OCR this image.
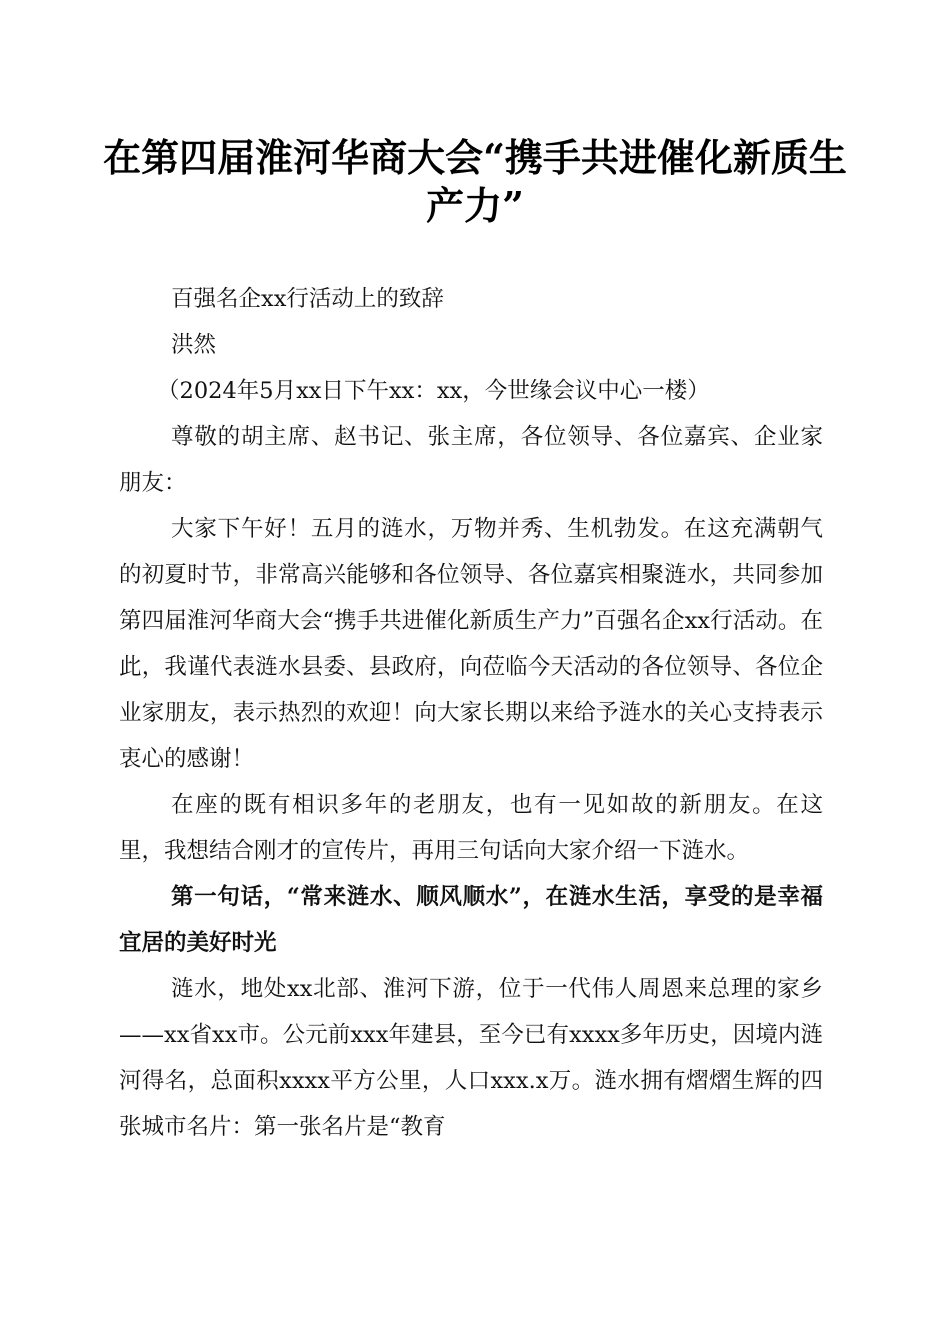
在第四届淮河华商大会“携手共进催化新质生产力”

百强名企xx行活动上的致辞

洪然

（2024年5月xx日下午xx：xx，今世缘会议中心一楼）

尊敬的胡主席、赵书记、张主席，各位领导、各位嘉宾、企业家朋友：

大家下午好！五月的涟水，万物并秀、生机勃发。在这充满朝气的初夏时节，非常高兴能够和各位领导、各位嘉宾相聚涟水，共同参加第四届淮河华商大会“携手共进催化新质生产力”百强名企xx行活动。在此，我谨代表涟水县委、县政府，向莅临今天活动的各位领导、各位企业家朋友，表示热烈的欢迎！向大家长期以来给予涟水的关心支持表示衷心的感谢！

在座的既有相识多年的老朋友，也有一见如故的新朋友。在这里，我想结合刚才的宣传片，再用三句话向大家介绍一下涟水。

第一句话，“常来涟水、顺风顺水”，在涟水生活，享受的是幸福宜居的美好时光

涟水，地处xx北部、淮河下游，位于一代伟人周恩来总理的家乡——xx省xx市。公元前xxx年建县，至今已有xxxx多年历史，因境内涟河得名，总面积xxxx平方公里，人口xxx.x万。涟水拥有熠熠生辉的四张城市名片：第一张名片是“教育
